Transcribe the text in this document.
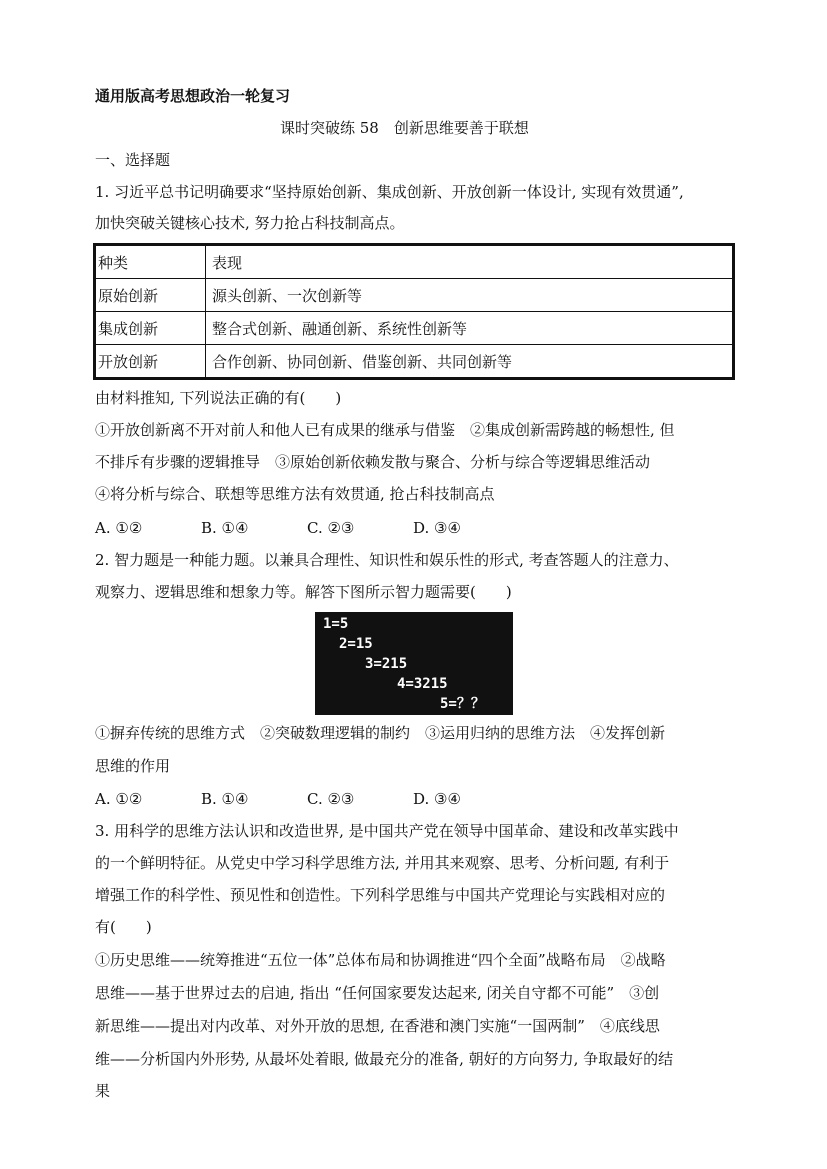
通用版高考思想政治一轮复习
课时突破练 58　创新思维要善于联想
一、选择题
1. 习近平总书记明确要求“坚持原始创新、集成创新、开放创新一体设计, 实现有效贯通”,
加快突破关键核心技术, 努力抢占科技制高点。
种类	表现
原始创新	源头创新、一次创新等
集成创新	整合式创新、融通创新、系统性创新等
开放创新	合作创新、协同创新、借鉴创新、共同创新等
由材料推知, 下列说法正确的有(　　)
①开放创新离不开对前人和他人已有成果的继承与借鉴　②集成创新需跨越的畅想性, 但
不排斥有步骤的逻辑推导　③原始创新依赖发散与聚合、分析与综合等逻辑思维活动
④将分析与综合、联想等思维方法有效贯通, 抢占科技制高点
A. ①②	B. ①④	C. ②③	D. ③④
2. 智力题是一种能力题。以兼具合理性、知识性和娱乐性的形式, 考查答题人的注意力、
观察力、逻辑思维和想象力等。解答下图所示智力题需要(　　)
1=5
2=15
3=215
4=3215
5=？？
①摒弃传统的思维方式　②突破数理逻辑的制约　③运用归纳的思维方法　④发挥创新
思维的作用
A. ①②	B. ①④	C. ②③	D. ③④
3. 用科学的思维方法认识和改造世界, 是中国共产党在领导中国革命、建设和改革实践中
的一个鲜明特征。从党史中学习科学思维方法, 并用其来观察、思考、分析问题, 有利于
增强工作的科学性、预见性和创造性。下列科学思维与中国共产党理论与实践相对应的
有(　　)
①历史思维——统筹推进“五位一体”总体布局和协调推进“四个全面”战略布局　②战略
思维——基于世界过去的启迪, 指出 “任何国家要发达起来, 闭关自守都不可能”　③创
新思维——提出对内改革、对外开放的思想, 在香港和澳门实施“一国两制”　④底线思
维——分析国内外形势, 从最坏处着眼, 做最充分的准备, 朝好的方向努力, 争取最好的结
果
